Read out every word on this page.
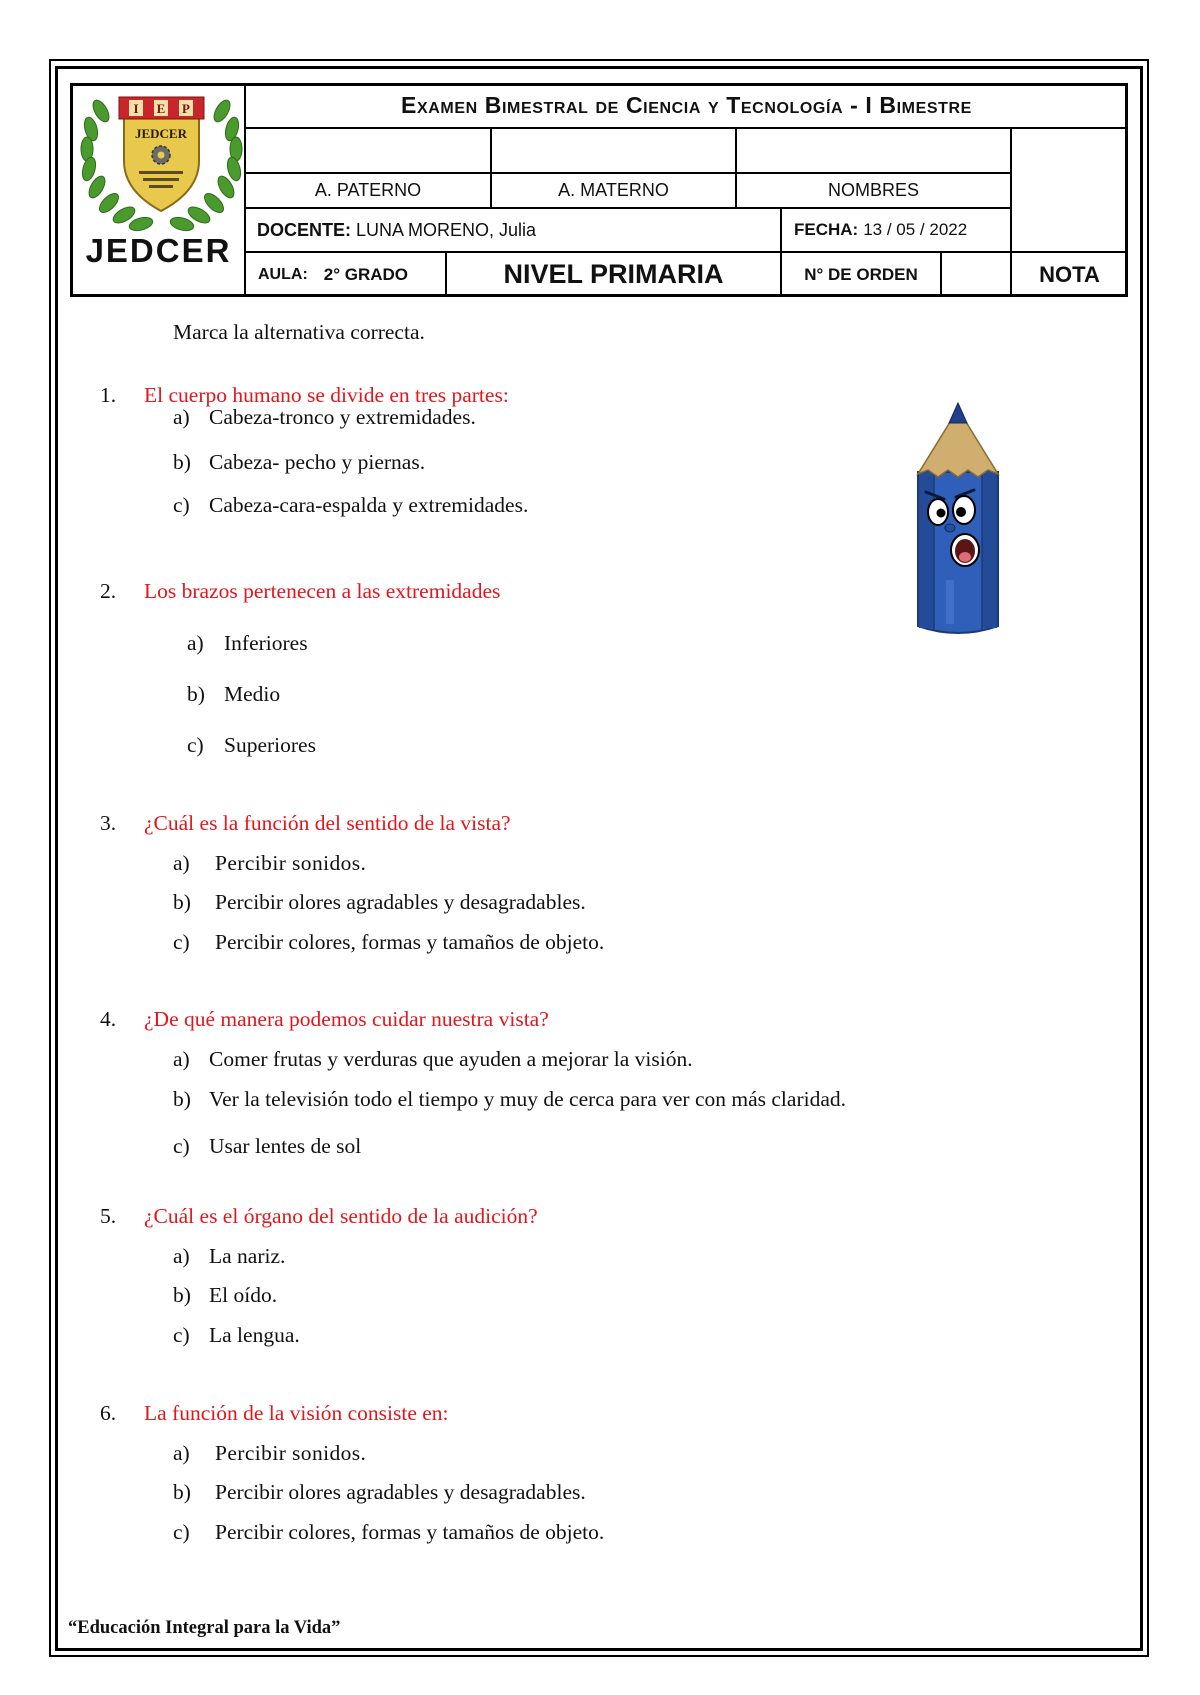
I E P
JEDCER
JEDCER
Examen Bimestral de Ciencia y Tecnología - I Bimestre
A. PATERNO	A. MATERNO	NOMBRES
DOCENTE: LUNA MORENO, Julia	FECHA: 13 / 05 / 2022
AULA: 2° GRADO	NIVEL PRIMARIA	N° DE ORDEN	NOTA
Marca la alternativa correcta.
1. El cuerpo humano se divide en tres partes:
a) Cabeza-tronco y extremidades.
b) Cabeza- pecho y piernas.
c) Cabeza-cara-espalda y extremidades.
2. Los brazos pertenecen a las extremidades
a) Inferiores
b) Medio
c) Superiores
3. ¿Cuál es la función del sentido de la vista?
a) Percibir sonidos.
b) Percibir olores agradables y desagradables.
c) Percibir colores, formas y tamaños de objeto.
4. ¿De qué manera podemos cuidar nuestra vista?
a) Comer frutas y verduras que ayuden a mejorar la visión.
b) Ver la televisión todo el tiempo y muy de cerca para ver con más claridad.
c) Usar lentes de sol
5. ¿Cuál es el órgano del sentido de la audición?
a) La nariz.
b) El oído.
c) La lengua.
6. La función de la visión consiste en:
a) Percibir sonidos.
b) Percibir olores agradables y desagradables.
c) Percibir colores, formas y tamaños de objeto.
“Educación Integral para la Vida”
